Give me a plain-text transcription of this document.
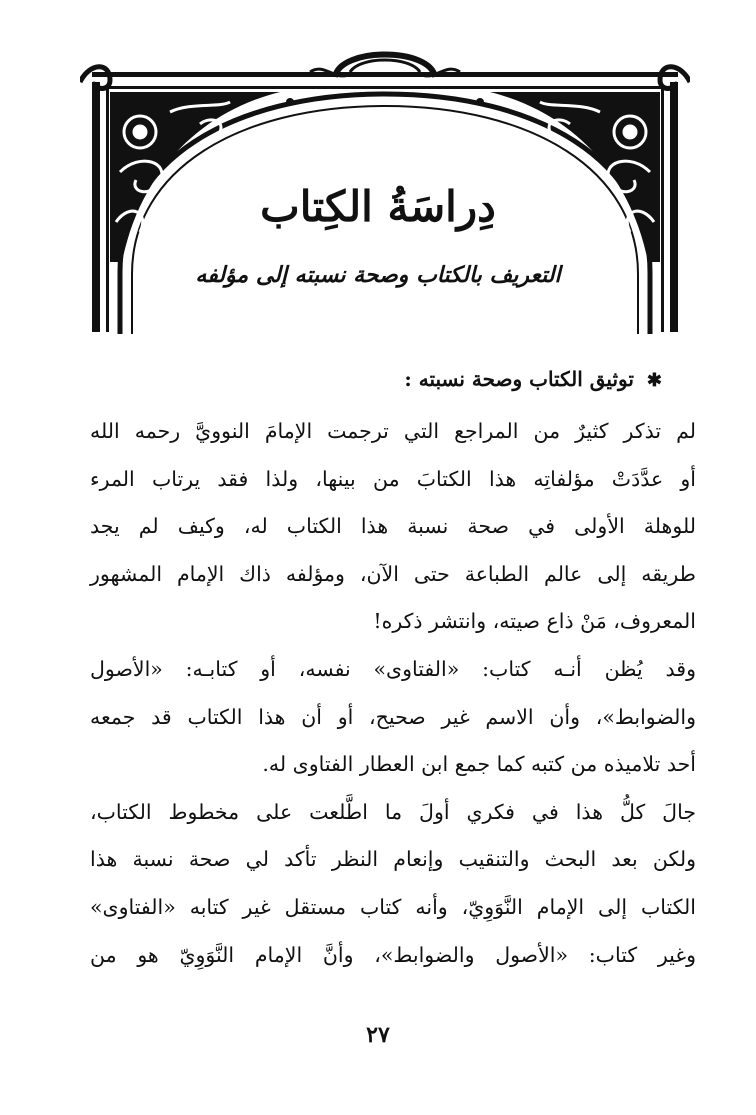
دِراسَةُ الكِتاب
التعريف بالكتاب وصحة نسبته إلى مؤلفه
✱ توثيق الكتاب وصحة نسبته :
لم تذكر كثيرٌ من المراجع التي ترجمت الإمامَ النوويَّ رحمه الله
أو عدَّدَتْ مؤلفاتِه هذا الكتابَ من بينها، ولذا فقد يرتاب المرء
للوهلة الأولى في صحة نسبة هذا الكتاب له، وكيف لم يجد
طريقه إلى عالم الطباعة حتى الآن، ومؤلفه ذاك الإمام المشهور
المعروف، مَنْ ذاع صيته، وانتشر ذكره!
وقد يُظن أنـه كتاب: «الفتاوى» نفسه، أو كتابـه: «الأصول
والضوابط»، وأن الاسم غير صحيح، أو أن هذا الكتاب قد جمعه
أحد تلاميذه من كتبه كما جمع ابن العطار الفتاوى له.
جالَ كلُّ هذا في فكري أولَ ما اطَّلعت على مخطوط الكتاب،
ولكن بعد البحث والتنقيب وإنعام النظر تأكد لي صحة نسبة هذا
الكتاب إلى الإمام النَّوَوِيّ، وأنه كتاب مستقل غير كتابه «الفتاوى»
وغير كتاب: «الأصول والضوابط»، وأنَّ الإمام النَّوَوِيّ هو من
٢٧
